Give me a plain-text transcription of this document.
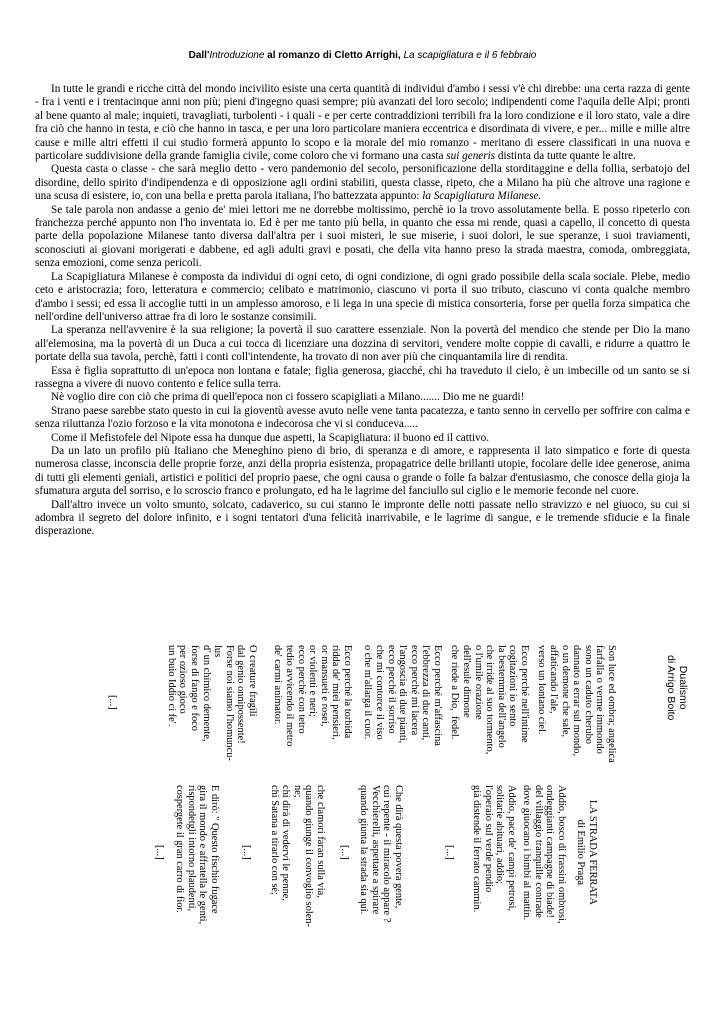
Dall'Introduzione al romanzo di Cletto Arrighi, La scapigliatura e il 6 febbraio

In tutte le grandi e ricche città del mondo incivilito esiste una certa quantità di individui d'ambo i sessi v'è chi direbbe: una certa razza di gente - fra i venti e i trentacinque anni non più; pieni d'ingegno quasi sempre; più avanzati del loro secolo; indipendenti come l'aquila delle Alpi; pronti al bene quanto al male; inquieti, travagliati, turbolenti - i quali - e per certe contraddizioni terribili fra la loro condizione e il loro stato, vale a dire fra ciò che hanno in testa, e ciò che hanno in tasca, e per una loro particolare maniera eccentrica e disordinata di vivere, e per... mille e mille altre cause e mille altri effetti il cui studio formerà appunto lo scopo e la morale del mio romanzo - meritano di essere classificati in una nuova e particolare suddivisione della grande famiglia civile, come coloro che vi formano una casta sui generis distinta da tutte quante le altre.

Questa casta o classe - che sarà meglio detto - vero pandemonio del secolo, personificazione della storditaggine e della follia, serbatojo del disordine, dello spirito d'indipendenza e di opposizione agli ordini stabiliti, questa classe, ripeto, che a Milano ha più che altrove una ragione e una scusa di esistere, io, con una bella e pretta parola italiana, l'ho battezzata appunto: la Scapigliatura Milanese.

Se tale parola non andasse a genio de' miei lettori me ne dorrebbe moltissimo, perchè io la trovo assolutamente bella. E posso ripeterlo con franchezza perché appunto non l'ho inventata io. Ed è per me tanto più bella, in quanto che essa mi rende, quasi a capello, il concetto di questa parte della popolazione Milanese tanto diversa dall'altra per i suoi misteri, le sue miserie, i suoi dolori, le sue speranze, i suoi traviamenti, sconosciuti ai giovani morigerati e dabbene, ed agli adulti gravi e posati, che della vita hanno preso la strada maestra, comoda, ombreggiata, senza emozioni, come senza pericoli.

La Scapigliatura Milanese è composta da individui di ogni ceto, di ogni condizione, di ogni grado possibile della scala sociale. Plebe, medio ceto e aristocrazia; foro, letteratura e commercio; celibato e matrimonio, ciascuno vi porta il suo tributo, ciascuno vi conta qualche membro d'ambo i sessi; ed essa li accoglie tutti in un amplesso amoroso, e li lega in una specie di mistica consorteria, forse per quella forza simpatica che nell'ordine dell'universo attrae fra di loro le sostanze consimili.

La speranza nell'avvenire è la sua religione; la povertà il suo carattere essenziale. Non la povertà del mendico che stende per Dio la mano all'elemosina, ma la povertà di un Duca a cui tocca di licenziare una dozzina di servitori, vendere molte coppie di cavalli, e ridurre a quattro le portate della sua tavola, perchè, fatti i conti coll'intendente, ha trovato di non aver più che cinquantamila lire di rendita.

Essa è figlia soprattutto di un'epoca non lontana e fatale; figlia generosa, giacché, chi ha traveduto il cielo, è un imbecille od un santo se si rassegna a vivere di nuovo contento e felice sulla terra.

Nè voglio dire con ciò che prima di quell'epoca non ci fossero scapigliati a Milano....... Dio me ne guardi!

Strano paese sarebbe stato questo in cui la gioventù avesse avuto nelle vene tanta pacatezza, e tanto senno in cervello per soffrire con calma e senza riluttanza l'ozio forzoso e la vita monotona e indecorosa che vi si conduceva.....

Come il Mefistofele del Nipote essa ha dunque due aspetti, la Scapigliatura: il buono ed il cattivo.

Da un lato un profilo più Italiano che Meneghino pieno di brio, di speranza e di amore, e rappresenta il lato simpatico e forte di questa numerosa classe, inconscia delle proprie forze, anzi della propria esistenza, propagatrice delle brillanti utopie, focolare delle idee generose, anima di tutti gli elementi geniali, artistici e politici del proprio paese, che ogni causa o grande o folle fa balzar d'entusiasmo, che conosce della gioja la sfumatura arguta del sorriso, e lo scroscio franco e prolungato, ed ha le lagrime del fanciullo sul ciglio e le memorie feconde nel cuore.

Dall'altro invece un volto smunto, solcato, cadaverico, su cui stanno le impronte delle notti passate nello stravizzo e nel giuoco, su cui si adombra il segreto del dolore infinito, e i sogni tentatori d'una felicità inarrivabile, e le lagrime di sangue, e le tremende sfiducie e la finale disperazione.

Dualismo
di Arrigo Boito
Son luce ed ombra; angelica
farfalla o verme immondo
sono un caduto cherubo
dannato a errar sul mondo,
o un demone che sale,
affaticando l'ale,
verso un lontano ciel.
Ecco perché nell'intime
cogitazioni io sento
la bestemmia dell'angelo
che irride al suo tormento,
o l'umile orazione
dell'esule dimone
che riede a Dio,  fedel.
Ecco perché m'affascina
l'ebbrezza di due canti,
ecco perché mi lacera
l'angoscia di due pianti,
ecco perché il sorriso
che mi contorce il viso
o che m'allarga il cuor.
Ecco perché la torbida
ridda de' miei pensieri,
or mansueti e rosei,
or violenti e neri;
ecco perché con tetro
tedio avvicendo il metro
de' carmi animator.
O creature fragili
dal genio onnipossente!
Forse noi siamo l'homuncu-
lus
d' un chimico demente,
forse di fango e foco
per ozioso gioco
un buio Iddio ci fe'.
[...]
LA STRADA FERRATA
di Emilio Praga
Addio, bosco di frassini ombrosi,
ondeggianti campagne di biade!
del villaggio tranquille contrade
dove giuocano i bimbi al mattin.
Addio, pace de' campi petrosi,
solitarie abituari, addio;
l'operaio sul verde pendio
già distende il ferrato cammin.
[...]
Che dirà questa povera gente,
cui repente - il miracolo appare ?
Vecchierelli, aspettate a spirare
quando giunta la strada sia qui.
[...]
che clamori faran sulla via,
quando giunge il convoglio solen-
ne;
chi dirà di vedervi le penne,
chi Satana a tirarlo con sé;
[...]
E dirò: " Questo fischio fugace
gira il mondo e affratella le genti,
rispondetgli intorno plaudenti,
cospergete il gran carro di fior.
[...]
